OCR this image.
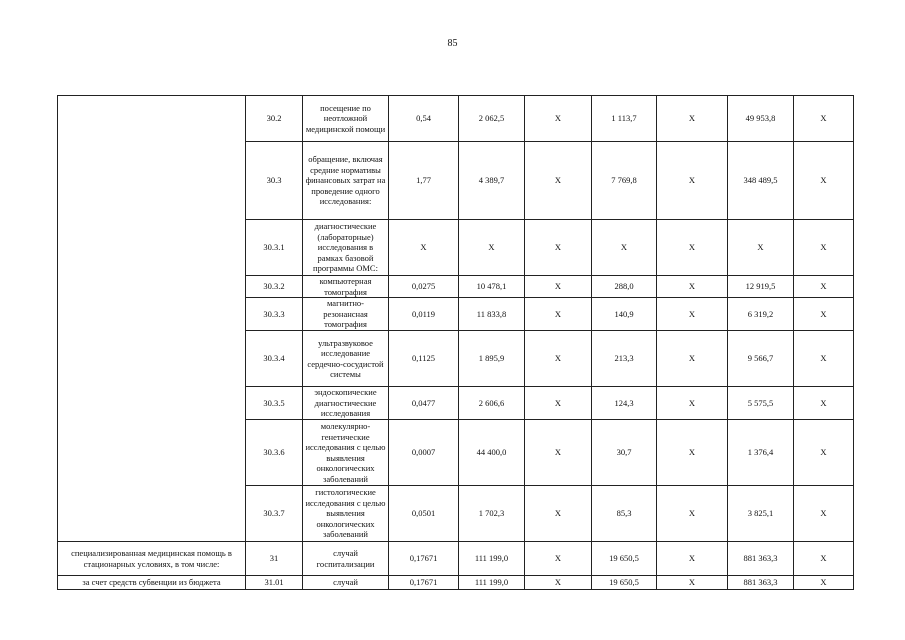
85
	30.2	посещение по неотложной медицинской помощи	0,54	2 062,5	X	1 113,7	X	49 953,8	X
	30.3	обращение, включая средние нормативы финансовых затрат на проведение одного исследования:	1,77	4 389,7	X	7 769,8	X	348 489,5	X
	30.3.1	диагностические (лабораторные) исследования в рамках базовой программы ОМС:	X	X	X	X	X	X	X
	30.3.2	компьютерная томография	0,0275	10 478,1	X	288,0	X	12 919,5	X
	30.3.3	магнитно-резонансная томография	0,0119	11 833,8	X	140,9	X	6 319,2	X
	30.3.4	ультразвуковое исследование сердечно-сосудистой системы	0,1125	1 895,9	X	213,3	X	9 566,7	X
	30.3.5	эндоскопические диагностические исследования	0,0477	2 606,6	X	124,3	X	5 575,5	X
	30.3.6	молекулярно-генетические исследования с целью выявления онкологических заболеваний	0,0007	44 400,0	X	30,7	X	1 376,4	X
	30.3.7	гистологические исследования с целью выявления онкологических заболеваний	0,0501	1 702,3	X	85,3	X	3 825,1	X
специализированная медицинская помощь в стационарных условиях, в том числе:	31	случай госпитализации	0,17671	111 199,0	X	19 650,5	X	881 363,3	X
за счет средств субвенции из бюджета	31.01	случай	0,17671	111 199,0	X	19 650,5	X	881 363,3	X
